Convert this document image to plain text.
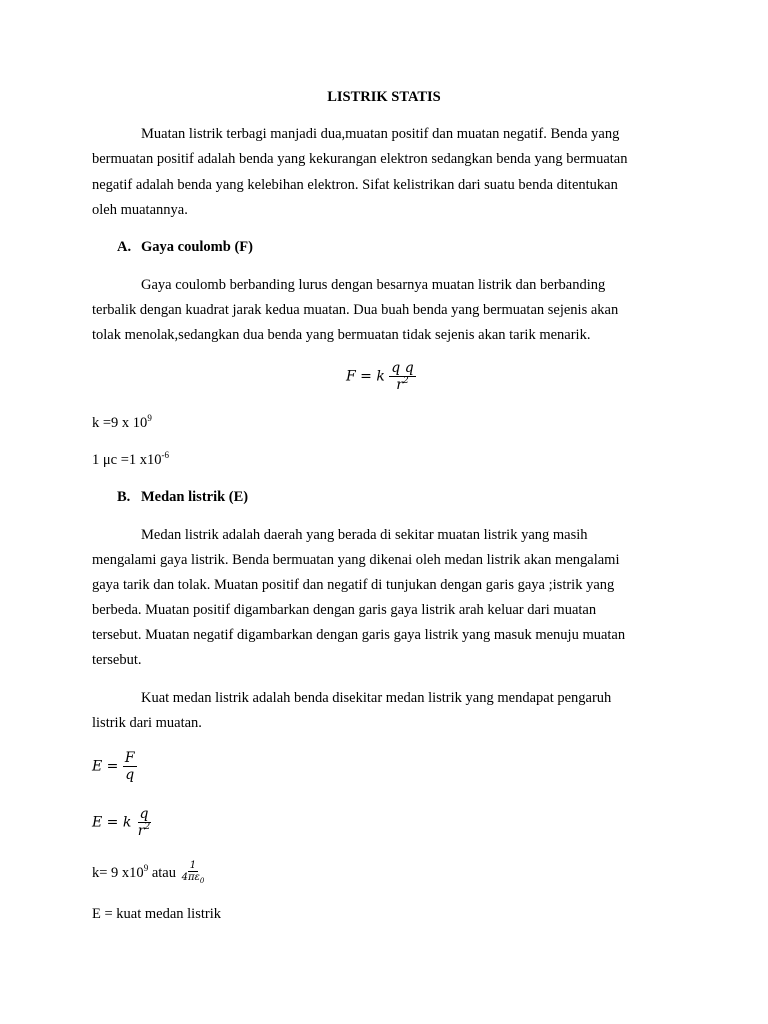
LISTRIK STATIS
Muatan listrik terbagi manjadi dua,muatan positif dan muatan negatif. Benda yang
bermuatan positif adalah benda yang kekurangan elektron sedangkan benda yang bermuatan
negatif adalah benda yang kelebihan elektron. Sifat kelistrikan dari suatu benda ditentukan
oleh muatannya.
A. Gaya coulomb (F)
Gaya coulomb berbanding lurus dengan besarnya muatan listrik dan berbanding
terbalik dengan kuadrat jarak kedua muatan. Dua buah benda yang bermuatan sejenis akan
tolak menolak,sedangkan dua benda yang bermuatan tidak sejenis akan tarik menarik.
F = k $\frac{\text{q q}}{r^2}$
k =9 x $10^9$
1 μc =1 $x10^{-6}$
B. Medan listrik (E)
Medan listrik adalah daerah yang berada di sekitar muatan listrik yang masih
mengalami gaya listrik. Benda bermuatan yang dikenai oleh medan listrik akan mengalami
gaya tarik dan tolak. Muatan positif dan negatif di tunjukan dengan garis gaya ;istrik yang
berbeda. Muatan positif digambarkan dengan garis gaya listrik arah keluar dari muatan
tersebut. Muatan negatif digambarkan dengan garis gaya listrik yang masuk menuju muatan
tersebut.
Kuat medan listrik adalah benda disekitar medan listrik yang mendapat pengaruh
listrik dari muatan.
$E = \frac{F}{q}$
E = k $\frac{q}{r^2}$
k= 9 $x10^9$ atau $\frac{1}{4\pi\varepsilon_0}$
E = kuat medan listrik
